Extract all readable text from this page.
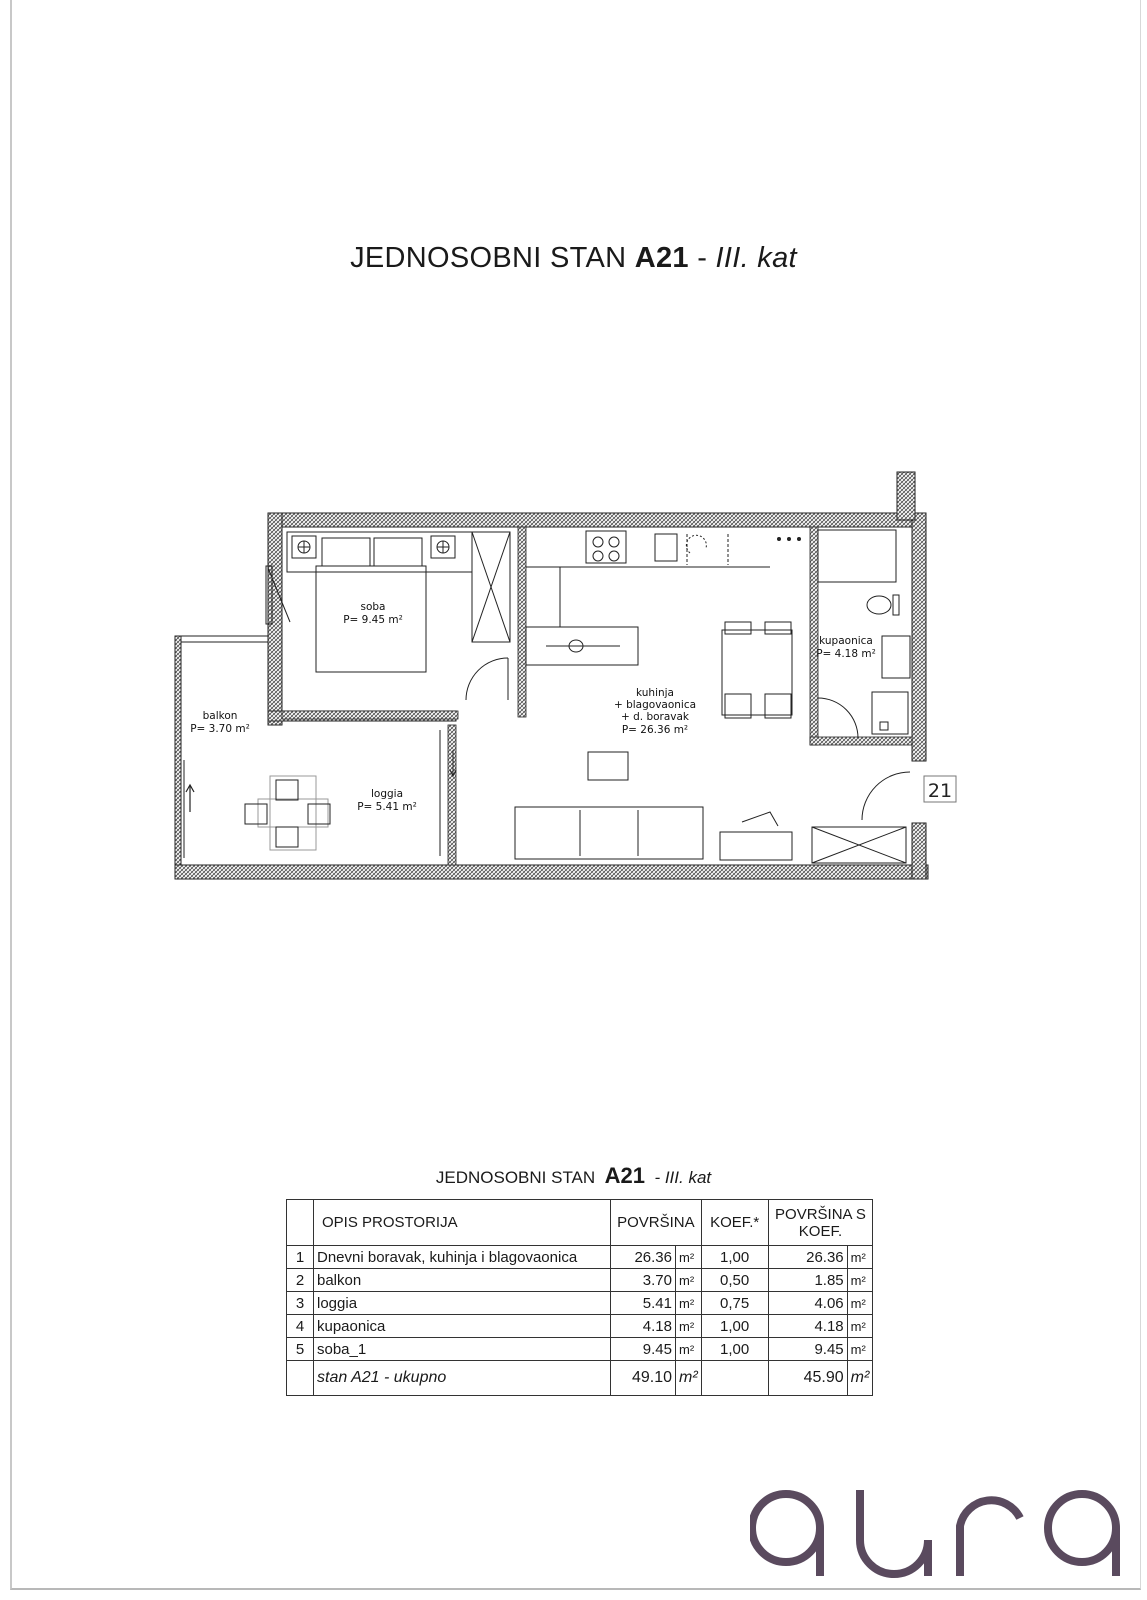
JEDNOSOBNI STAN A21 - III. kat
soba
P= 9.45 m²
kupaonica
P= 4.18 m²
kuhinja
+ blagovaonica
+ d. boravak
P= 26.36 m²
balkon
P= 3.70 m²
loggia
P= 5.41 m²
21
JEDNOSOBNI STAN A21 - III. kat
	OPIS PROSTORIJA	POVRŠINA		KOEF.*	POVRŠINA S
KOEF.	
1	Dnevni boravak, kuhinja i blagovaonica	26.36	m²	1,00	26.36	m²
2	balkon	3.70	m²	0,50	1.85	m²
3	loggia	5.41	m²	0,75	4.06	m²
4	kupaonica	4.18	m²	1,00	4.18	m²
5	soba_1	9.45	m²	1,00	9.45	m²
	stan A21 - ukupno	49.10	m²		45.90	m²
